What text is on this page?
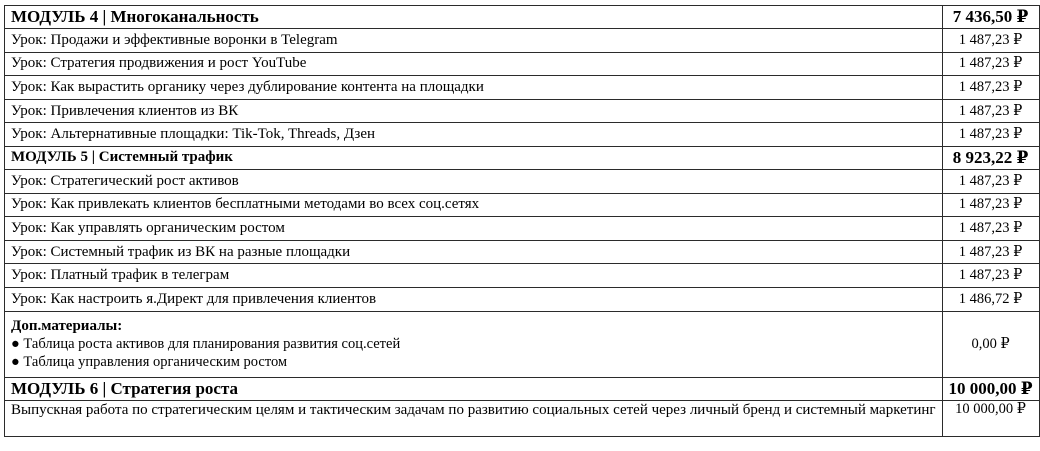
МОДУЛЬ 4 | Многоканальность	7 436,50 ₽
Урок: Продажи и эффективные воронки в Telegram	1 487,23 ₽
Урок: Стратегия продвижения и рост YouTube	1 487,23 ₽
Урок: Как вырастить органику через дублирование контента на площадки	1 487,23 ₽
Урок: Привлечения клиентов из ВК	1 487,23 ₽
Урок: Альтернативные площадки: Tik-Tok, Threads, Дзен	1 487,23 ₽
МОДУЛЬ 5 | Системный трафик	8 923,22 ₽
Урок: Стратегический рост активов	1 487,23 ₽
Урок: Как привлекать клиентов бесплатными методами во всех соц.сетях	1 487,23 ₽
Урок: Как управлять органическим ростом	1 487,23 ₽
Урок: Системный трафик из ВК на разные площадки	1 487,23 ₽
Урок: Платный трафик в телеграм	1 487,23 ₽
Урок: Как настроить я.Директ для привлечения клиентов	1 486,72 ₽

Доп.материалы:
● Таблица роста активов для планирования развития соц.сетей
● Таблица управления органическим ростом	0,00 ₽
МОДУЛЬ 6 | Стратегия роста	10 000,00 ₽
Выпускная работа по стратегическим целям и тактическим задачам по развитию социальных сетей через личный бренд и системный маркетинг	10 000,00 ₽
